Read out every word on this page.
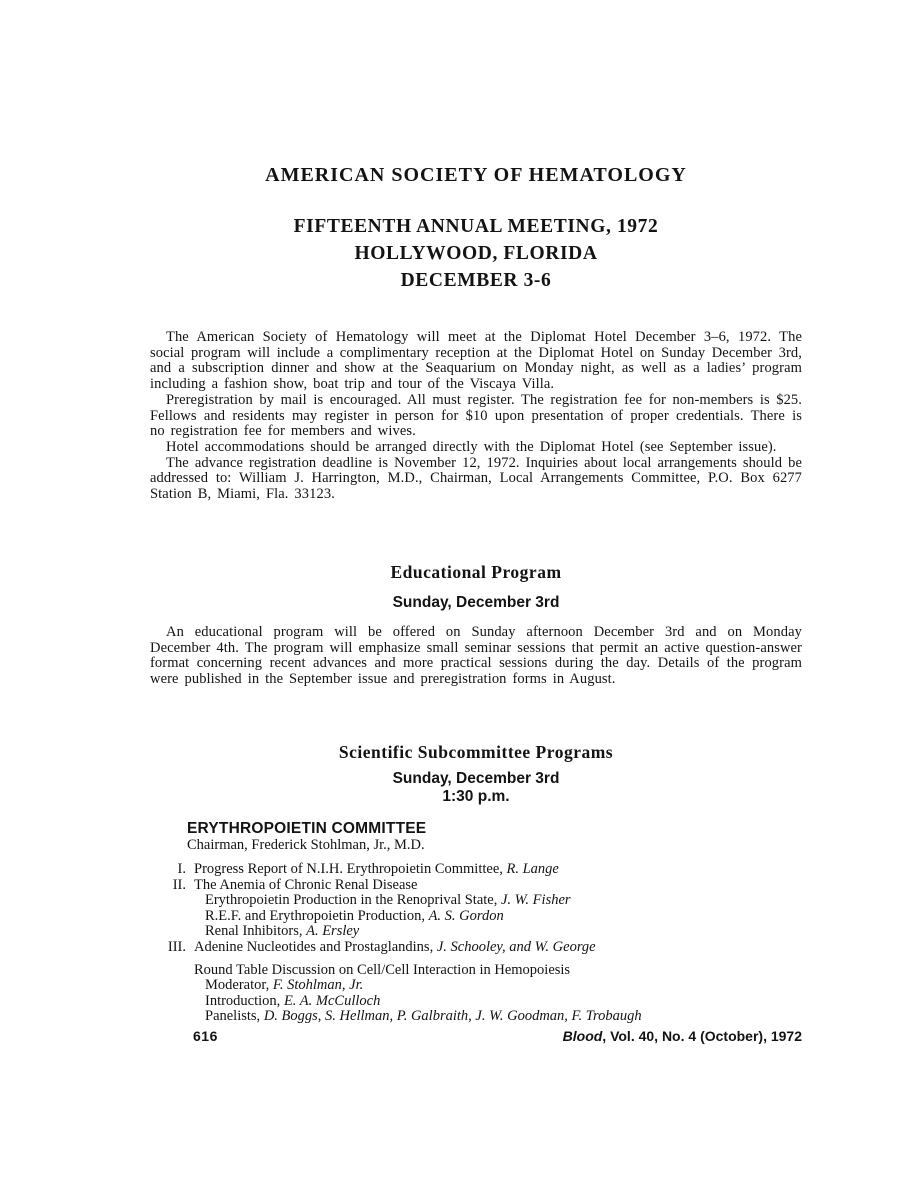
AMERICAN SOCIETY OF HEMATOLOGY
FIFTEENTH ANNUAL MEETING, 1972
HOLLYWOOD, FLORIDA
DECEMBER 3-6

The American Society of Hematology will meet at the Diplomat Hotel December 3–6, 1972. The social program will include a complimentary reception at the Diplomat Hotel on Sunday December 3rd, and a subscription dinner and show at the Seaquarium on Monday night, as well as a ladies’ program including a fashion show, boat trip and tour of the Viscaya Villa.

Preregistration by mail is encouraged. All must register. The registration fee for non-members is $25. Fellows and residents may register in person for $10 upon presentation of proper credentials. There is no registration fee for members and wives.

Hotel accommodations should be arranged directly with the Diplomat Hotel (see September issue).

The advance registration deadline is November 12, 1972. Inquiries about local arrangements should be addressed to: William J. Harrington, M.D., Chairman, Local Arrangements Committee, P.O. Box 6277 Station B, Miami, Fla. 33123.

Educational Program
Sunday, December 3rd

An educational program will be offered on Sunday afternoon December 3rd and on Monday December 4th. The program will emphasize small seminar sessions that permit an active question-answer format concerning recent advances and more practical sessions during the day. Details of the program were published in the September issue and preregistration forms in August.

Scientific Subcommittee Programs
Sunday, December 3rd
1:30 p.m.
ERYTHROPOIETIN COMMITTEE
Chairman, Frederick Stohlman, Jr., M.D.
I. Progress Report of N.I.H. Erythropoietin Committee, R. Lange
II. The Anemia of Chronic Renal Disease
Erythropoietin Production in the Renoprival State, J. W. Fisher
R.E.F. and Erythropoietin Production, A. S. Gordon
Renal Inhibitors, A. Ersley
III. Adenine Nucleotides and Prostaglandins, J. Schooley, and W. George
Round Table Discussion on Cell/Cell Interaction in Hemopoiesis
Moderator, F. Stohlman, Jr.
Introduction, E. A. McCulloch
Panelists, D. Boggs, S. Hellman, P. Galbraith, J. W. Goodman, F. Trobaugh
616	Blood, Vol. 40, No. 4 (October), 1972
